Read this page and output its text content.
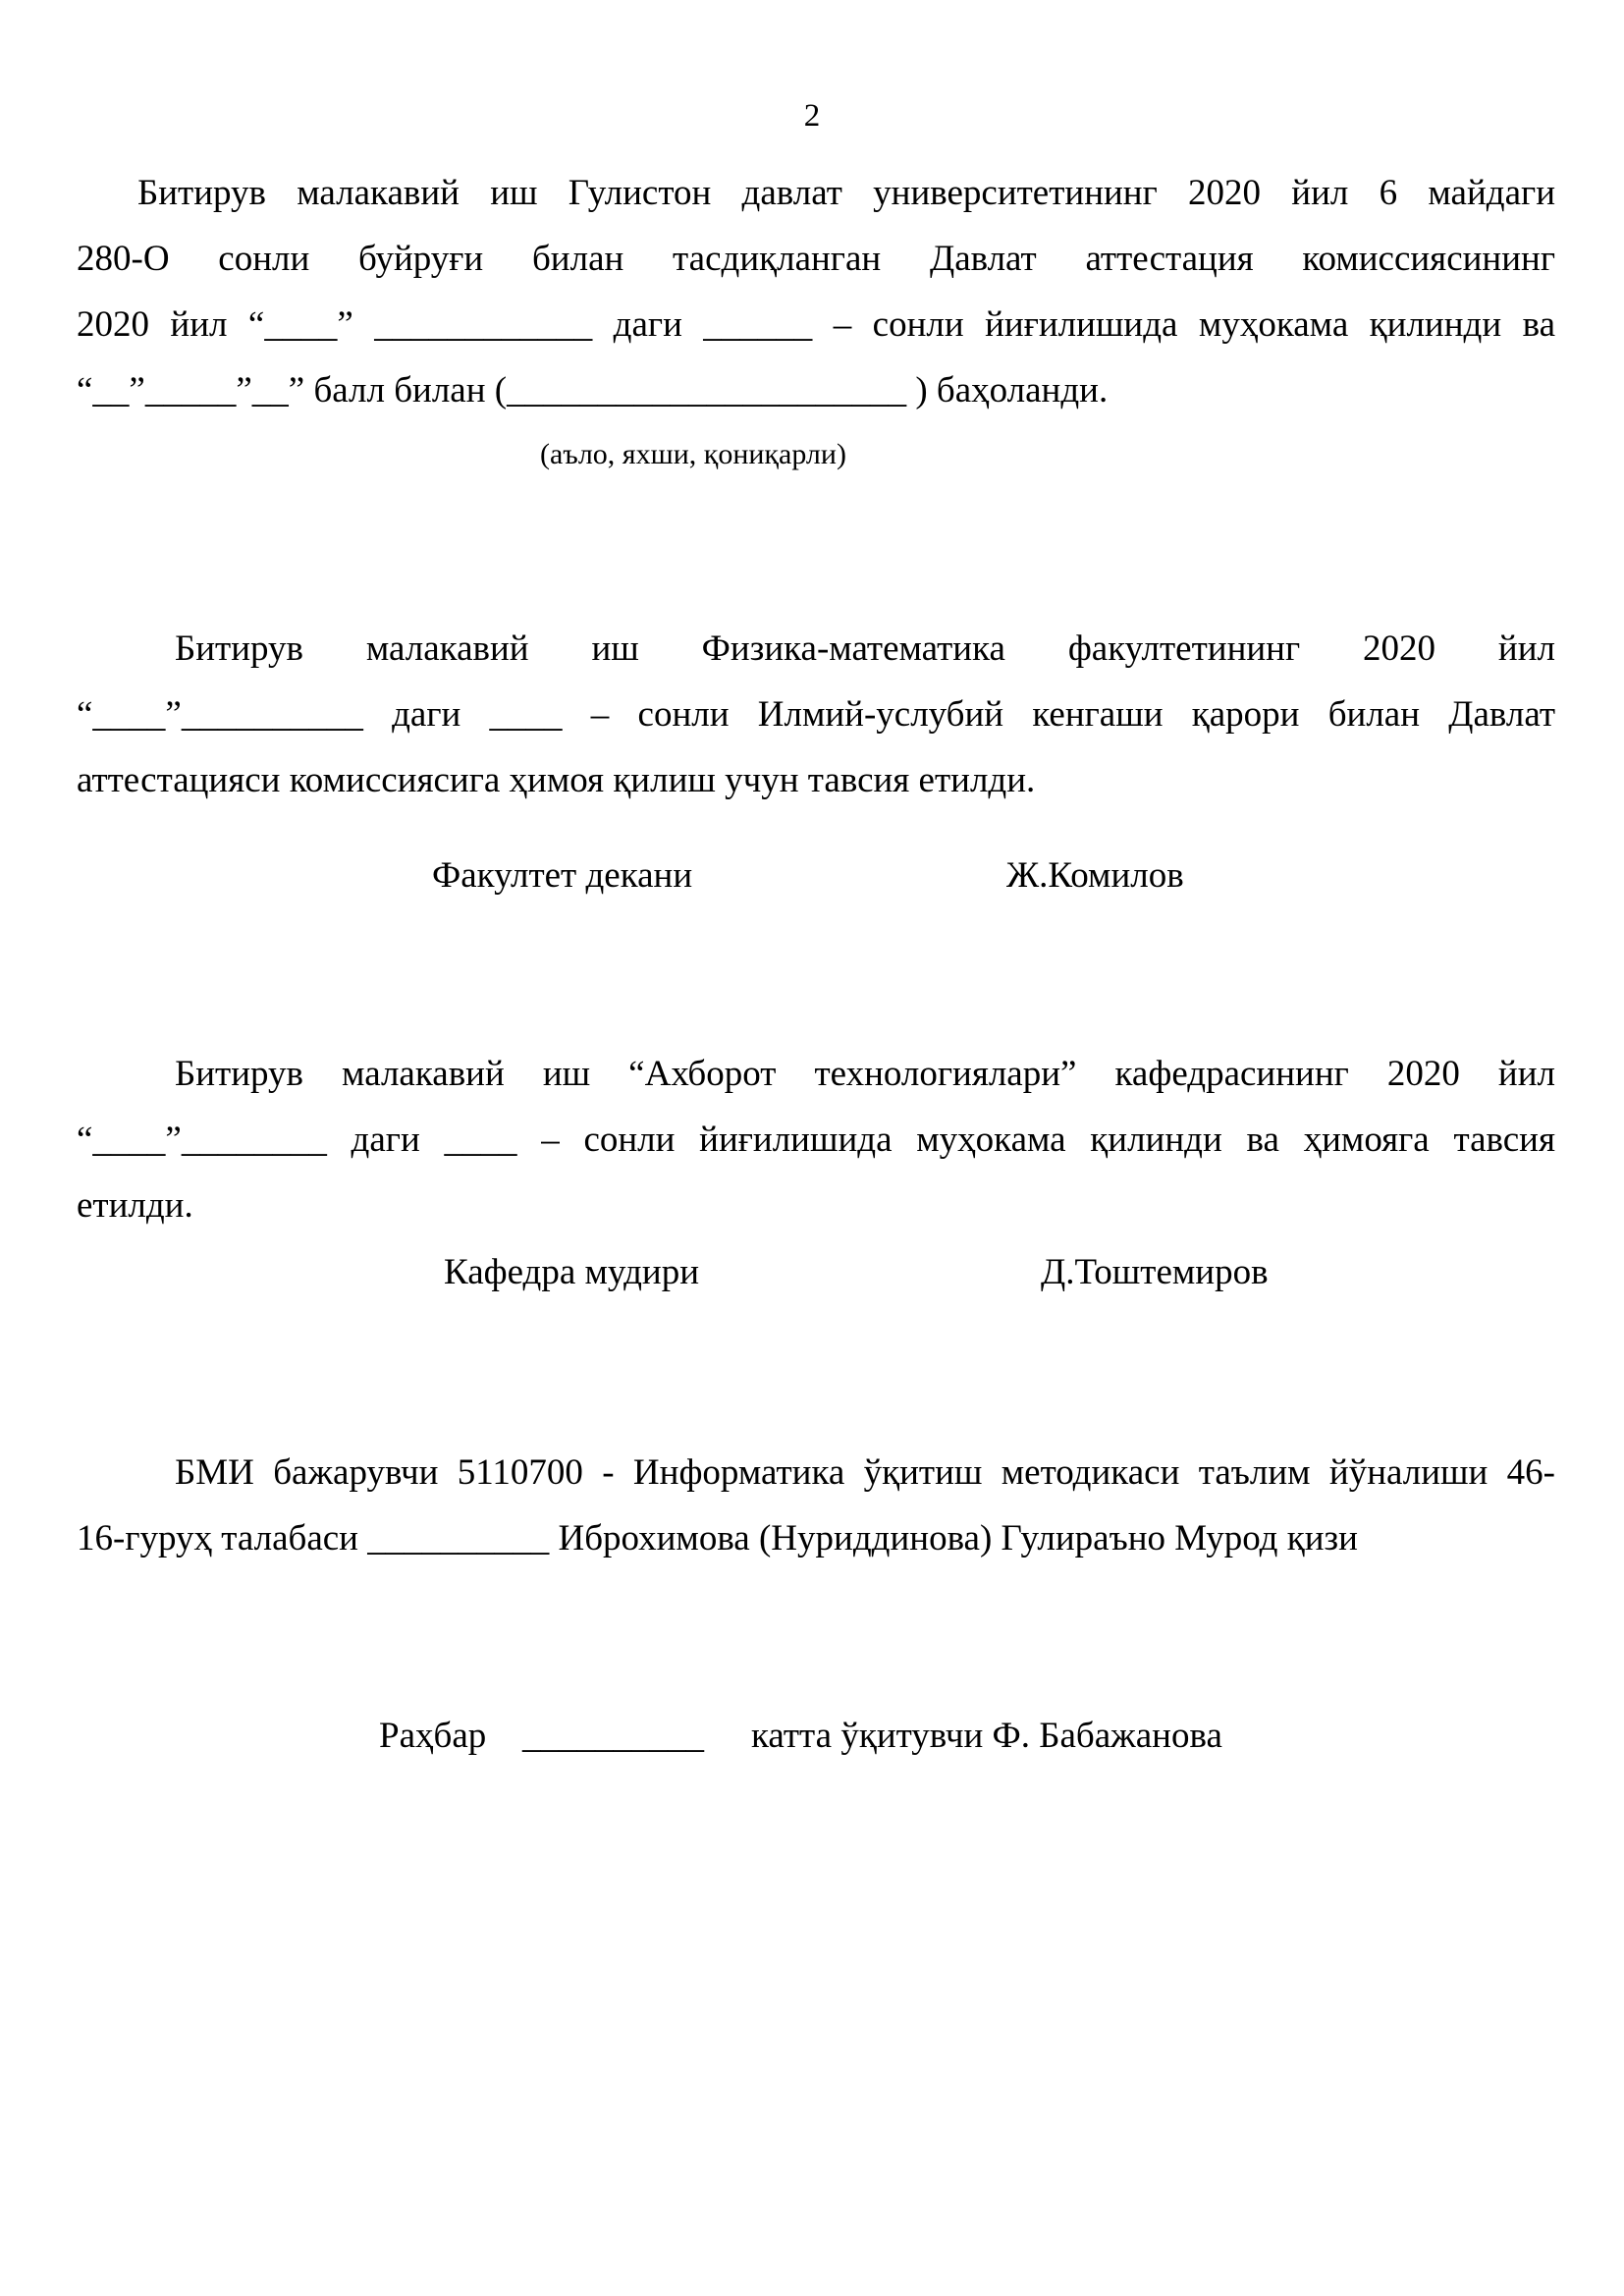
2
Битирув малакавий иш Гулистон давлат университетининг 2020 йил 6 майдаги
280-О сонли буйруғи билан тасдиқланган Давлат аттестация комиссиясининг
2020 йил “____” ____________ даги ______ – сонли йиғилишида муҳокама қилинди ва
“__”_____”__” балл билан (______________________ ) баҳоланди.
(аъло, яхши, қониқарли)
Битирув малакавий иш Физика-математика факултетининг 2020 йил
“____”__________ даги ____ – сонли Илмий-услубий кенгаши қарори билан Давлат
аттестацияси комиссиясига ҳимоя қилиш учун тавсия етилди.
Факултет декани	Ж.Комилов
Битирув малакавий иш “Ахборот технологиялари” кафедрасининг 2020 йил
“____”________ даги ____ – сонли йиғилишида муҳокама қилинди ва ҳимояга тавсия
етилди.
Кафедра мудири	Д.Тоштемиров
БМИ бажарувчи 5110700 - Информатика ўқитиш методикаси таълим йўналиши 46-
16-гуруҳ талабаси __________ Иброхимова (Нуриддинова) Гулираъно Мурод қизи
Раҳбар __________ катта ўқитувчи Ф. Бабажанова
